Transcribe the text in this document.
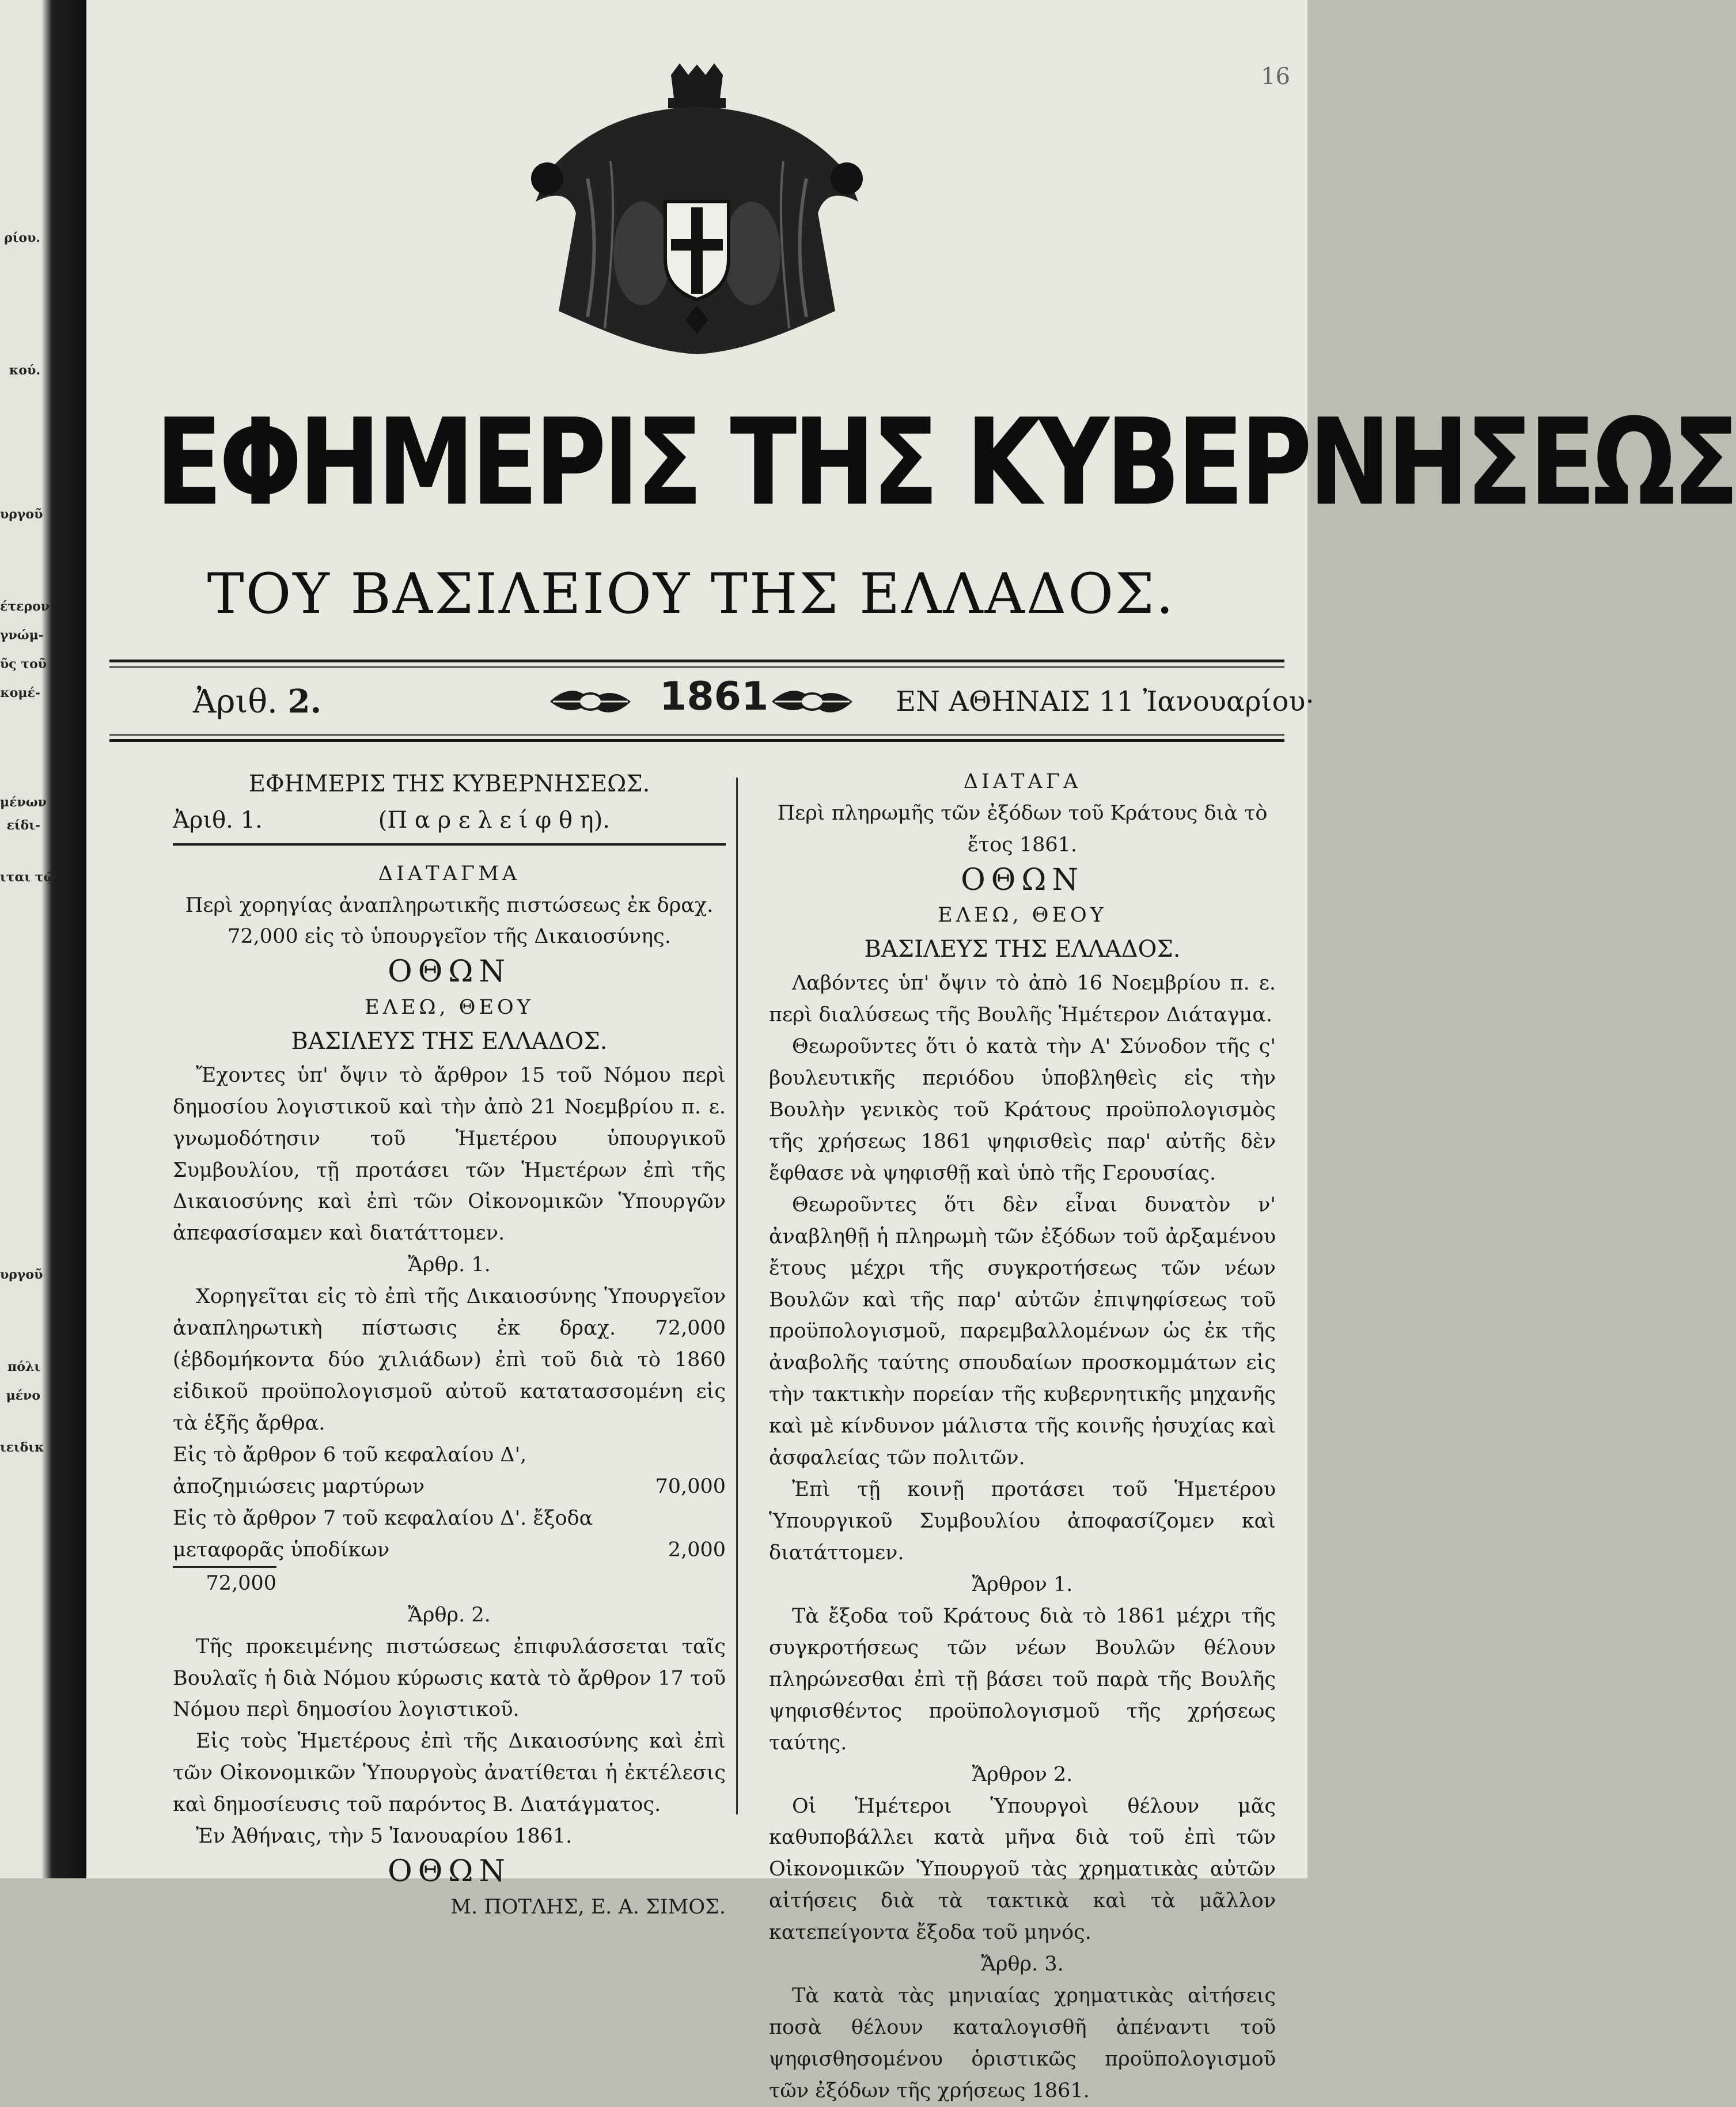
ρίου.
κού.
υργοῦ
έτερον
γνώμ-
ῦς τοῦ
κομέ-
μένων
είδι-
ιται τῷ
υργοῦ
πόλι
μένο
ιειδικ
16
ΕΦΗΜΕΡΙΣ ΤΗΣ ΚΥΒΕΡΝΗΣΕΩΣ
ΤΟΥ ΒΑΣΙΛΕΙΟΥ ΤΗΣ ΕΛΛΑΔΟΣ.
Ἀριθ. 2.	1861	ΕΝ ΑΘΗΝΑΙΣ 11 Ἰανουαρίου·

ΕΦΗΜΕΡΙΣ ΤΗΣ ΚΥΒΕΡΝΗΣΕΩΣ.

Ἀριθ. 1.	(Π α ρ ε λ ε ί φ θ η).

ΔΙΑΤΑΓΜΑ

Περὶ χορηγίας ἀναπληρωτικῆς πιστώσεως ἐκ δραχ. 72,000 εἰς τὸ ὑπουργεῖον τῆς Δικαιοσύνης.

ΟΘΩΝ

ΕΛΕΩ, ΘΕΟΥ

ΒΑΣΙΛΕΥΣ ΤΗΣ ΕΛΛΑΔΟΣ.

Ἔχοντες ὑπ' ὄψιν τὸ ἄρθρον 15 τοῦ Νόμου περὶ δημοσίου λογιστικοῦ καὶ τὴν ἀπὸ 21 Νοεμβρίου π. ε. γνωμοδότησιν τοῦ Ἡμετέρου ὑπουργικοῦ Συμβουλίου, τῇ προτάσει τῶν Ἡμετέρων ἐπὶ τῆς Δικαιοσύνης καὶ ἐπὶ τῶν Οἰκονομικῶν Ὑπουργῶν ἀπεφασίσαμεν καὶ διατάττομεν.

Ἄρθρ. 1.

Χορηγεῖται εἰς τὸ ἐπὶ τῆς Δικαιοσύνης Ὑπουργεῖον ἀναπληρωτικὴ πίστωσις ἐκ δραχ. 72,000 (ἑβδομήκοντα δύο χιλιάδων) ἐπὶ τοῦ διὰ τὸ 1860 εἰδικοῦ προϋπολογισμοῦ αὐτοῦ κατατασσομένη εἰς τὰ ἑξῆς ἄρθρα.

Εἰς τὸ ἄρθρον 6 τοῦ κεφαλαίου Δ', ἀποζημιώσεις μαρτύρων	70,000
Εἰς τὸ ἄρθρον 7 τοῦ κεφαλαίου Δ'. ἔξοδα μεταφορᾶς ὑποδίκων	2,000

72,000

Ἄρθρ. 2.

Τῆς προκειμένης πιστώσεως ἐπιφυλάσσεται ταῖς Βουλαῖς ἡ διὰ Νόμου κύρωσις κατὰ τὸ ἄρθρον 17 τοῦ Νόμου περὶ δημοσίου λογιστικοῦ.

Εἰς τοὺς Ἡμετέρους ἐπὶ τῆς Δικαιοσύνης καὶ ἐπὶ τῶν Οἰκονομικῶν Ὑπουργοὺς ἀνατίθεται ἡ ἐκτέλεσις καὶ δημοσίευσις τοῦ παρόντος Β. Διατάγματος.

Ἐν Ἀθήναις, τὴν 5 Ἰανουαρίου 1861.

ΟΘΩΝ

Μ. ΠΟΤΛΗΣ, Ε. Α. ΣΙΜΟΣ.

ΔΙΑΤΑΓΑ

Περὶ πληρωμῆς τῶν ἐξόδων τοῦ Κράτους διὰ τὸ ἔτος 1861.

ΟΘΩΝ

ΕΛΕΩ, ΘΕΟΥ

ΒΑΣΙΛΕΥΣ ΤΗΣ ΕΛΛΑΔΟΣ.

Λαβόντες ὑπ' ὄψιν τὸ ἀπὸ 16 Νοεμβρίου π. ε. περὶ διαλύσεως τῆς Βουλῆς Ἡμέτερον Διάταγμα.

Θεωροῦντες ὅτι ὁ κατὰ τὴν Α' Σύνοδον τῆς ς' βουλευτικῆς περιόδου ὑποβληθεὶς εἰς τὴν Βουλὴν γενικὸς τοῦ Κράτους προϋπολογισμὸς τῆς χρήσεως 1861 ψηφισθεὶς παρ' αὐτῆς δὲν ἔφθασε νὰ ψηφισθῇ καὶ ὑπὸ τῆς Γερουσίας.

Θεωροῦντες ὅτι δὲν εἶναι δυνατὸν ν' ἀναβληθῇ ἡ πληρωμὴ τῶν ἐξόδων τοῦ ἀρξαμένου ἔτους μέχρι τῆς συγκροτήσεως τῶν νέων Βουλῶν καὶ τῆς παρ' αὐτῶν ἐπιψηφίσεως τοῦ προϋπολογισμοῦ, παρεμβαλλομένων ὡς ἐκ τῆς ἀναβολῆς ταύτης σπουδαίων προσκομμάτων εἰς τὴν τακτικὴν πορείαν τῆς κυβερνητικῆς μηχανῆς καὶ μὲ κίνδυνον μάλιστα τῆς κοινῆς ἡσυχίας καὶ ἀσφαλείας τῶν πολιτῶν.

Ἐπὶ τῇ κοινῇ προτάσει τοῦ Ἡμετέρου Ὑπουργικοῦ Συμβουλίου ἀποφασίζομεν καὶ διατάττομεν.

Ἄρθρον 1.

Τὰ ἔξοδα τοῦ Κράτους διὰ τὸ 1861 μέχρι τῆς συγκροτήσεως τῶν νέων Βουλῶν θέλουν πληρώνεσθαι ἐπὶ τῇ βάσει τοῦ παρὰ τῆς Βουλῆς ψηφισθέντος προϋπολογισμοῦ τῆς χρήσεως ταύτης.

Ἄρθρον 2.

Οἱ Ἡμέτεροι Ὑπουργοὶ θέλουν μᾶς καθυποβάλλει κατὰ μῆνα διὰ τοῦ ἐπὶ τῶν Οἰκονομικῶν Ὑπουργοῦ τὰς χρηματικὰς αὐτῶν αἰτήσεις διὰ τὰ τακτικὰ καὶ τὰ μᾶλλον κατεπείγοντα ἔξοδα τοῦ μηνός.

Ἄρθρ. 3.

Τὰ κατὰ τὰς μηνιαίας χρηματικὰς αἰτήσεις ποσὰ θέλουν καταλογισθῆ ἀπέναντι τοῦ ψηφισθησομένου ὁριστικῶς προϋπολογισμοῦ τῶν ἐξόδων τῆς χρήσεως 1861.
